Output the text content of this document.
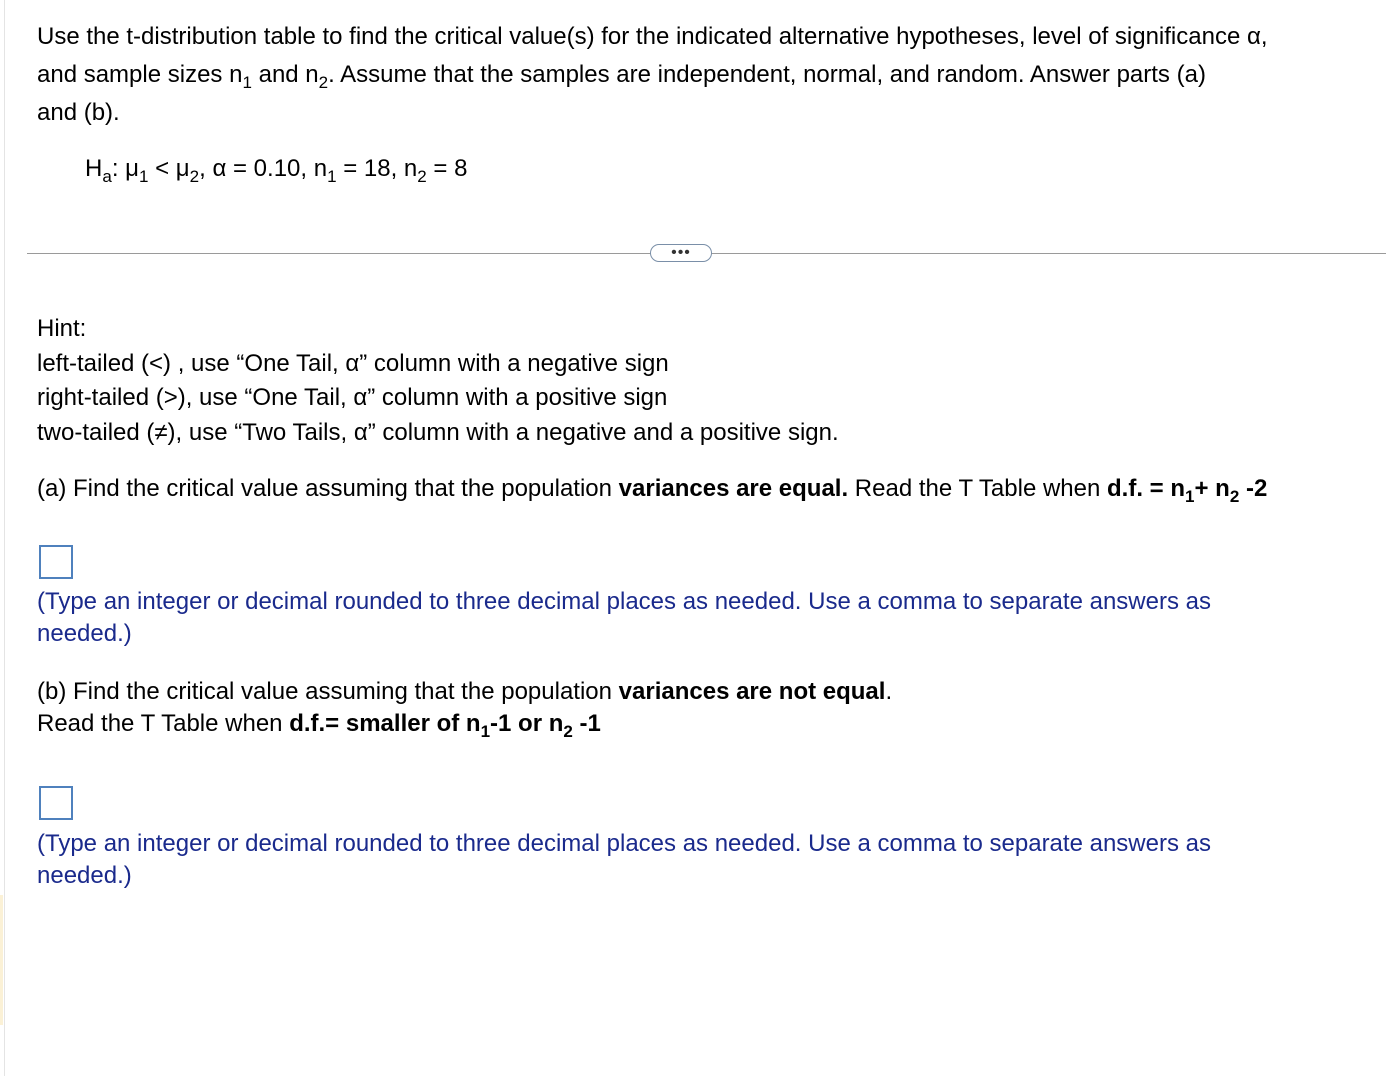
Use the t-distribution table to find the critical value(s) for the indicated alternative hypotheses, level of significance α,

and sample sizes $n_1$ and $n_2$. Assume that the samples are independent, normal, and random. Answer parts (a)

and (b).

$H_a$: $\mu_1 < \mu_2$, α = 0.10, $n_1 = 18$, $n_2 = 8$
•••
Hint:
left-tailed (<) , use “One Tail, α” column with a negative sign
right-tailed (>), use “One Tail, α” column with a positive sign
two-tailed (≠), use “Two Tails, α” column with a negative and a positive sign.
(a) Find the critical value assuming that the population variances are equal. Read the T Table when d.f. = $n_1+ n_2$ -2
(Type an integer or decimal rounded to three decimal places as needed. Use a comma to separate answers as needed.)
(b) Find the critical value assuming that the population variances are not equal.
Read the T Table when d.f.= smaller of $n_1-1$ or $n_2$ -1
(Type an integer or decimal rounded to three decimal places as needed. Use a comma to separate answers as needed.)
